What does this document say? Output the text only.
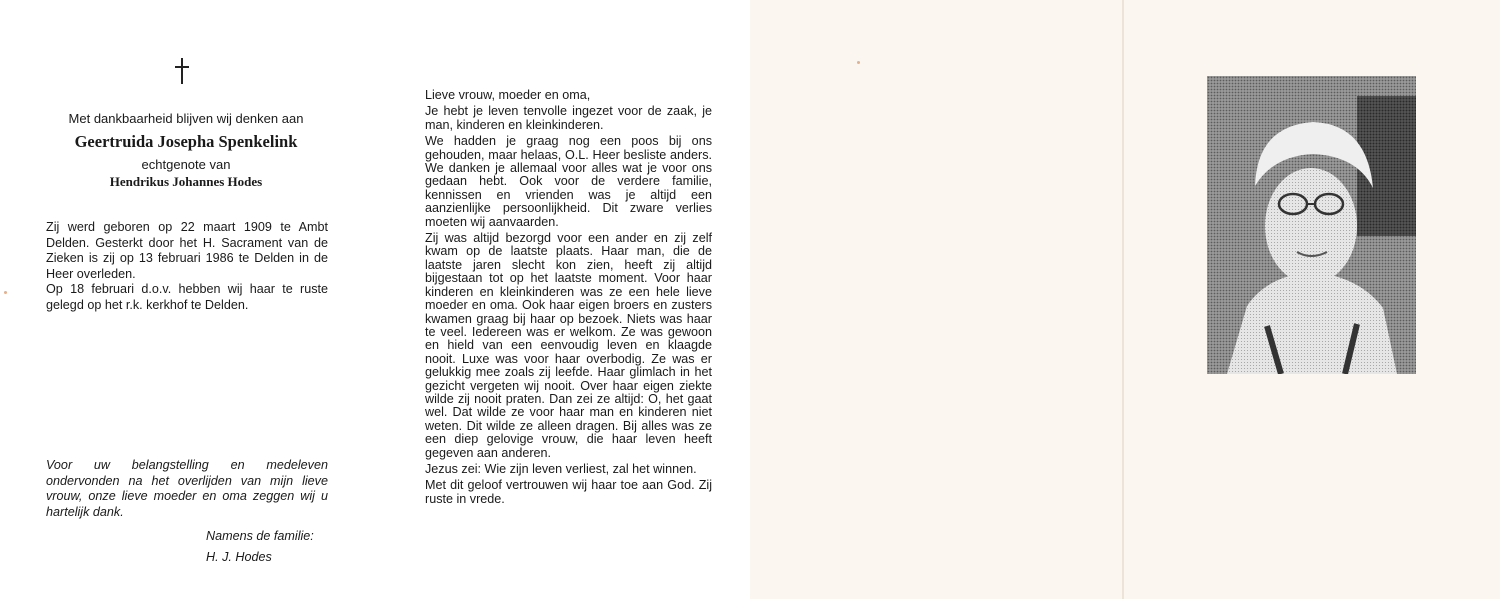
Met dankbaarheid blijven wij denken aan
Geertruida Josepha Spenkelink
echtgenote van
Hendrikus Johannes Hodes

Zij werd geboren op 22 maart 1909 te Ambt Delden. Gesterkt door het H. Sacrament van de Zieken is zij op 13 februari 1986 te Delden in de Heer overleden.

Op 18 februari d.o.v. hebben wij haar te ruste gelegd op het r.k. kerkhof te Delden.

Voor uw belangstelling en medeleven ondervonden na het overlijden van mijn lieve vrouw, onze lieve moeder en oma zeggen wij u hartelijk dank.
Namens de familie:
H. J. Hodes

Lieve vrouw, moeder en oma,

Je hebt je leven tenvolle ingezet voor de zaak, je man, kinderen en kleinkinderen.

We hadden je graag nog een poos bij ons gehouden, maar helaas, O.L. Heer besliste anders. We danken je allemaal voor alles wat je voor ons gedaan hebt. Ook voor de verdere familie, kennissen en vrienden was je altijd een aanzienlijke persoonlijkheid. Dit zware verlies moeten wij aanvaarden.

Zij was altijd bezorgd voor een ander en zij zelf kwam op de laatste plaats. Haar man, die de laatste jaren slecht kon zien, heeft zij altijd bijgestaan tot op het laatste moment. Voor haar kinderen en kleinkinderen was ze een hele lieve moeder en oma. Ook haar eigen broers en zusters kwamen graag bij haar op bezoek. Niets was haar te veel. Iedereen was er welkom. Ze was gewoon en hield van een eenvoudig leven en klaagde nooit. Luxe was voor haar overbodig. Ze was er gelukkig mee zoals zij leefde. Haar glimlach in het gezicht vergeten wij nooit. Over haar eigen ziekte wilde zij nooit praten. Dan zei ze altijd: O, het gaat wel. Dat wilde ze voor haar man en kinderen niet weten. Dit wilde ze alleen dragen. Bij alles was ze een diep gelovige vrouw, die haar leven heeft gegeven aan anderen.

Jezus zei: Wie zijn leven verliest, zal het winnen.

Met dit geloof vertrouwen wij haar toe aan God. Zij ruste in vrede.
